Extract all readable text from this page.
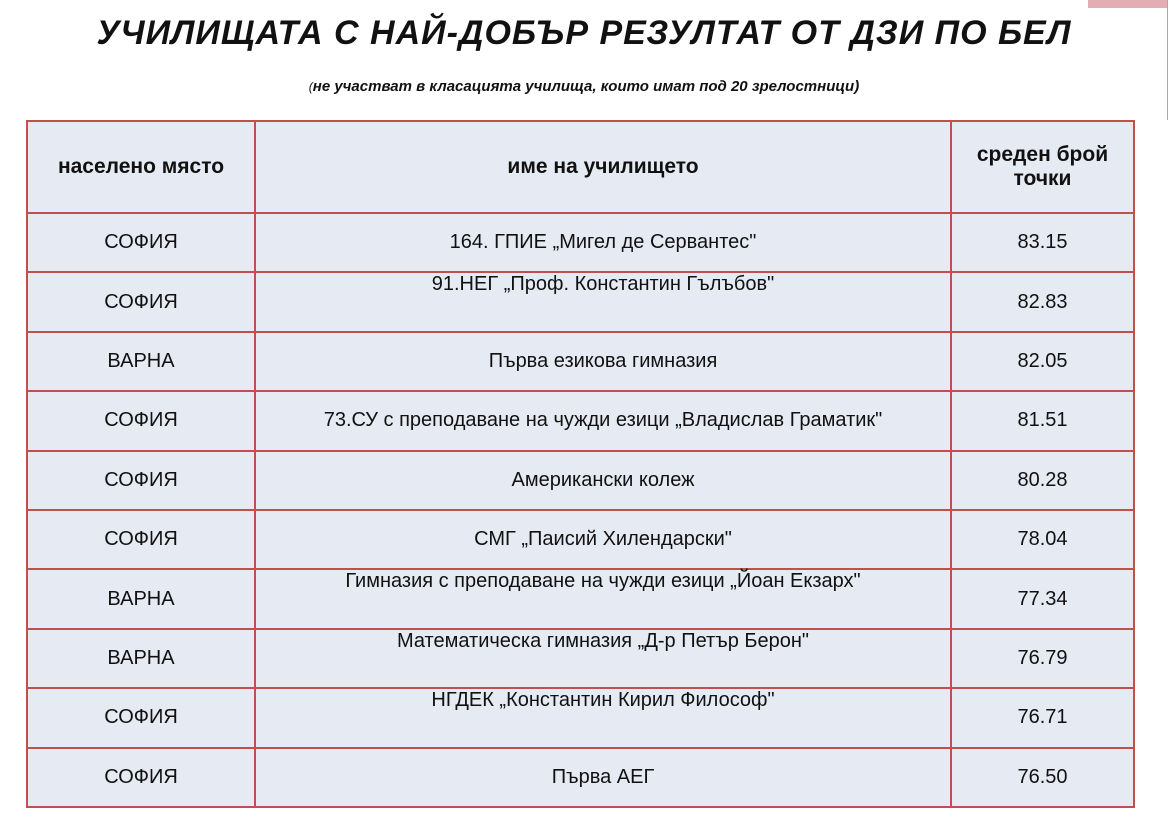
УЧИЛИЩАТА С НАЙ-ДОБЪР РЕЗУЛТАТ ОТ ДЗИ ПО БЕЛ

(не участват в класацията училища, които имат под 20 зрелостници)

населено място	име на училището	среден брой точки
СОФИЯ	164. ГПИЕ „Мигел де Сервантес"	83.15
СОФИЯ	91.НЕГ „Проф. Константин Гълъбов"	82.83
ВАРНА	Първа езикова гимназия	82.05
СОФИЯ	73.СУ с преподаване на чужди езици „Владислав Граматик"	81.51
СОФИЯ	Американски колеж	80.28
СОФИЯ	СМГ „Паисий Хилендарски"	78.04
ВАРНА	Гимназия с преподаване на чужди езици „Йоан Екзарх"	77.34
ВАРНА	Математическа гимназия „Д-р Петър Берон"	76.79
СОФИЯ	НГДЕК „Константин Кирил Философ"	76.71
СОФИЯ	Първа АЕГ	76.50
